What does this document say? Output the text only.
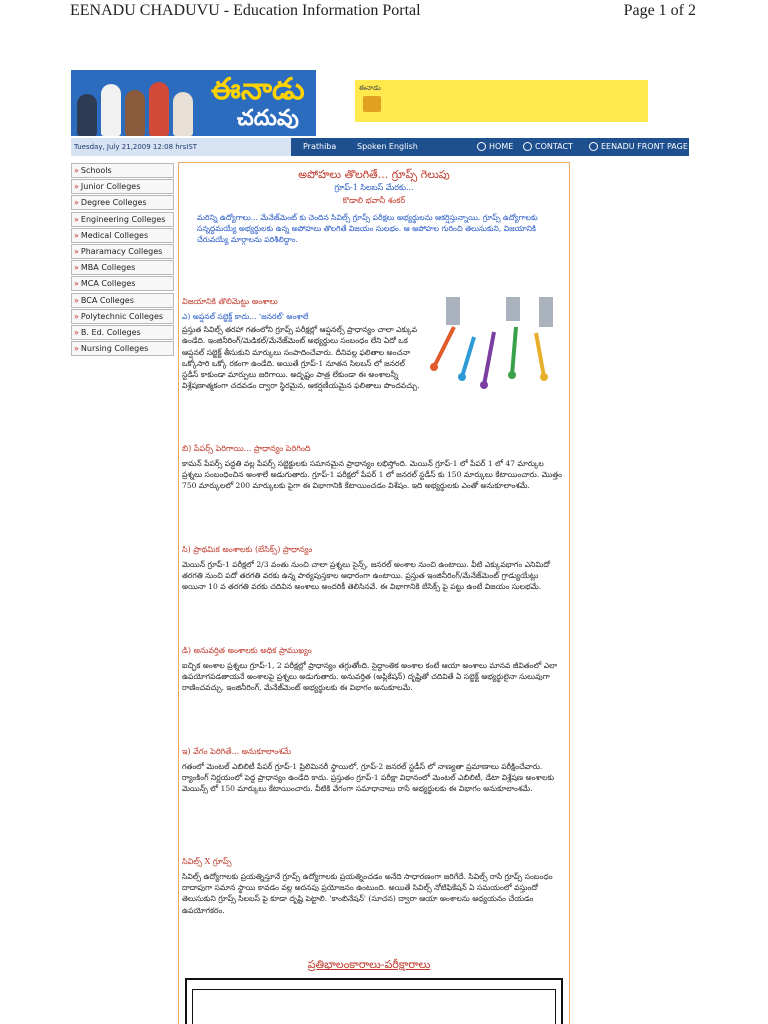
EENADU CHADUVU - Education Information Portal	Page 1 of 2
ఈనాడు
చదువు
ఈనాడు
Tuesday, July 21,2009 12:08 hrsIST	Prathiba	Spoken English	HOME	CONTACT	EENADU FRONT PAGE
» Schools
» Junior Colleges
» Degree Colleges
» Engineering Colleges
» Medical Colleges
» Pharamacy Colleges
» MBA Colleges
» MCA Colleges
» BCA Colleges
» Polytechnic Colleges
» B. Ed. Colleges
» Nursing Colleges
అపోహలు తొలగితే... గ్రూప్స్ గెలుపు
గ్రూప్-1 సిలబస్ మేరకు...
కొడాలి భవానీ శంకర్
మరిన్ని ఉద్యోగాలు... మేనేజ్‌మెంట్ కు చెందిన సివిల్స్ గ్రూప్స్ పరీక్షలు అభ్యర్థులను ఆకర్షిస్తున్నాయి. గ్రూప్స్ ఉద్యోగాలకు సన్నద్ధమయ్యే అభ్యర్థులకు ఉన్న అపోహలు తొలగితే విజయం సులభం. ఆ అపోహల గురించి తెలుసుకుని, విజయానికి చేరువయ్యే మార్గాలను పరిశీలిద్దాం.
విజయానికి తొలిమెట్టు అంశాలు
ఎ) అప్షనల్ సబ్జెక్ట్ కాదు... 'జనరల్' అంశాలే
ప్రస్తుత సివిల్స్ తరహా గతంలోని గ్రూప్స్ పరీక్షల్లో ఆప్షనల్స్ ప్రాధాన్యం చాలా ఎక్కువ ఉండేది. ఇంజినీరింగ్/మెడికల్/మేనేజ్‌మెంట్ అభ్యర్థులు సంబంధం లేని ఏదో ఒక ఆప్షనల్ సబ్జెక్ట్ తీసుకుని మార్కులు సంపాదించేవారు. దీనివల్ల ఫలితాల అంచనా ఒక్కోసారి ఒక్కో రకంగా ఉండేది. అయితే గ్రూప్-1 నూతన సిలబస్ లో జనరల్ స్టడీస్ కాకుండా మార్పులు జరిగాయి. అదృష్టం పాత్ర లేకుండా ఈ అంశాలన్నీ విశ్లేషణాత్మకంగా చదవడం ద్వారా స్థిరమైన, ఆకర్షణీయమైన ఫలితాలు పొందవచ్చు.
బి) పేపర్స్ పెరిగాయి... ప్రాధాన్యం పెరిగింది
కామన్ పేపర్స్ పద్ధతి వల్ల పేపర్స్ సబ్జెక్టులకు సమానమైన ప్రాధాన్యం లభిస్తోంది. మెయిన్ గ్రూప్-1 లో పేపర్ 1 లో 47 మార్కుల ప్రశ్నలు సంబంధించిన అంశాలే అడుగుతారు. గ్రూప్-1 పరీక్షలో పేపర్ 1 లో జనరల్ స్టడీస్ కు 150 మార్కులు కేటాయించారు. మొత్తం 750 మార్కులలో 200 మార్కులకు పైగా ఈ విభాగానికి కేటాయించడం విశేషం. ఇది అభ్యర్థులకు ఎంతో అనుకూలాంశమే.
సి) ప్రాథమిక అంశాలకు (బేసిక్స్) ప్రాధాన్యం
మెయిన్ గ్రూప్-1 పరీక్షలో 2/3 వంతు నుంచి చాలా ప్రశ్నలు సైన్స్, జనరల్ అంశాల నుంచి ఉంటాయి. వీటి ఎక్కువభాగం ఎనిమిదో తరగతి నుంచి పదో తరగతి వరకు ఉన్న పాఠ్యపుస్తకాల ఆధారంగా ఉంటాయి. ప్రస్తుత ఇంజినీరింగ్/మేనేజ్‌మెంట్ గ్రాడ్యుయేట్లు అయినా 10 వ తరగతి వరకు చదివిన అంశాలు అందరికీ తెలిసినవే. ఈ విభాగానికి బేసిక్స్ పై పట్టు ఉంటే విజయం సులభమే.
డి) అనువర్తిత అంశాలకు అధిక ప్రాముఖ్యం
ఐచ్ఛిక అంశాల ప్రశ్నలు గ్రూప్-1, 2 పరీక్షల్లో ప్రాధాన్యం తగ్గుతోంది. సైద్ధాంతిక అంశాల కంటే ఆయా అంశాలు మానవ జీవితంలో ఎలా ఉపయోగపడతాయనే అంశాలపై ప్రశ్నలు అడుగుతారు. అనువర్తిత (అప్లికేషన్) దృష్టితో చదివితే ఏ సబ్జెక్ట్ అభ్యర్థులైనా సులువుగా రాణించవచ్చు. ఇంజినీరింగ్, మేనేజ్‌మెంట్ అభ్యర్థులకు ఈ విభాగం అనుకూలమే.
ఇ) వేగం పెరిగితే... అనుకూలాంశమే
గతంలో మెంటల్ ఎబిలిటీ పేపర్ గ్రూప్-1 ప్రిలిమినరీ స్థాయిలో, గ్రూప్-2 జనరల్ స్టడీస్ లో నాణ్యతా ప్రమాణాలు పరీక్షించేవారు. ర్యాంకింగ్ నిర్ణయంలో పెద్ద ప్రాధాన్యం ఉండేది కాదు. ప్రస్తుతం గ్రూప్-1 పరీక్షా విధానంలో మెంటల్ ఎబిలిటీ, డేటా విశ్లేషణ అంశాలకు మెయిన్స్ లో 150 మార్కులు కేటాయించారు. వీటికి వేగంగా సమాధానాలు రాసే అభ్యర్థులకు ఈ విభాగం అనుకూలాంశమే.
సివిల్స్ X గ్రూప్స్
సివిల్స్ ఉద్యోగాలకు ప్రయత్నిస్తూనే గ్రూప్స్ ఉద్యోగాలకు ప్రయత్నించడం అనేది సాధారణంగా జరిగేదే. సివిల్స్ రాసే గ్రూప్స్ సంబంధం దాదాపుగా సమాన స్థాయి కావడం వల్ల అదనపు ప్రయోజనం ఉంటుంది. అయితే సివిల్స్ నోటిఫికేషన్ ఏ సమయంలో వస్తుందో తెలుసుకుని గ్రూప్స్ సిలబస్ పై కూడా దృష్టి పెట్టాలి. 'కాంబినేషన్' (సూచన) ద్వారా ఆయా అంశాలను అధ్యయనం చేయడం ఉపయోగకరం.
ప్రతిభాలంకారాలు-పరీక్షారాలు
